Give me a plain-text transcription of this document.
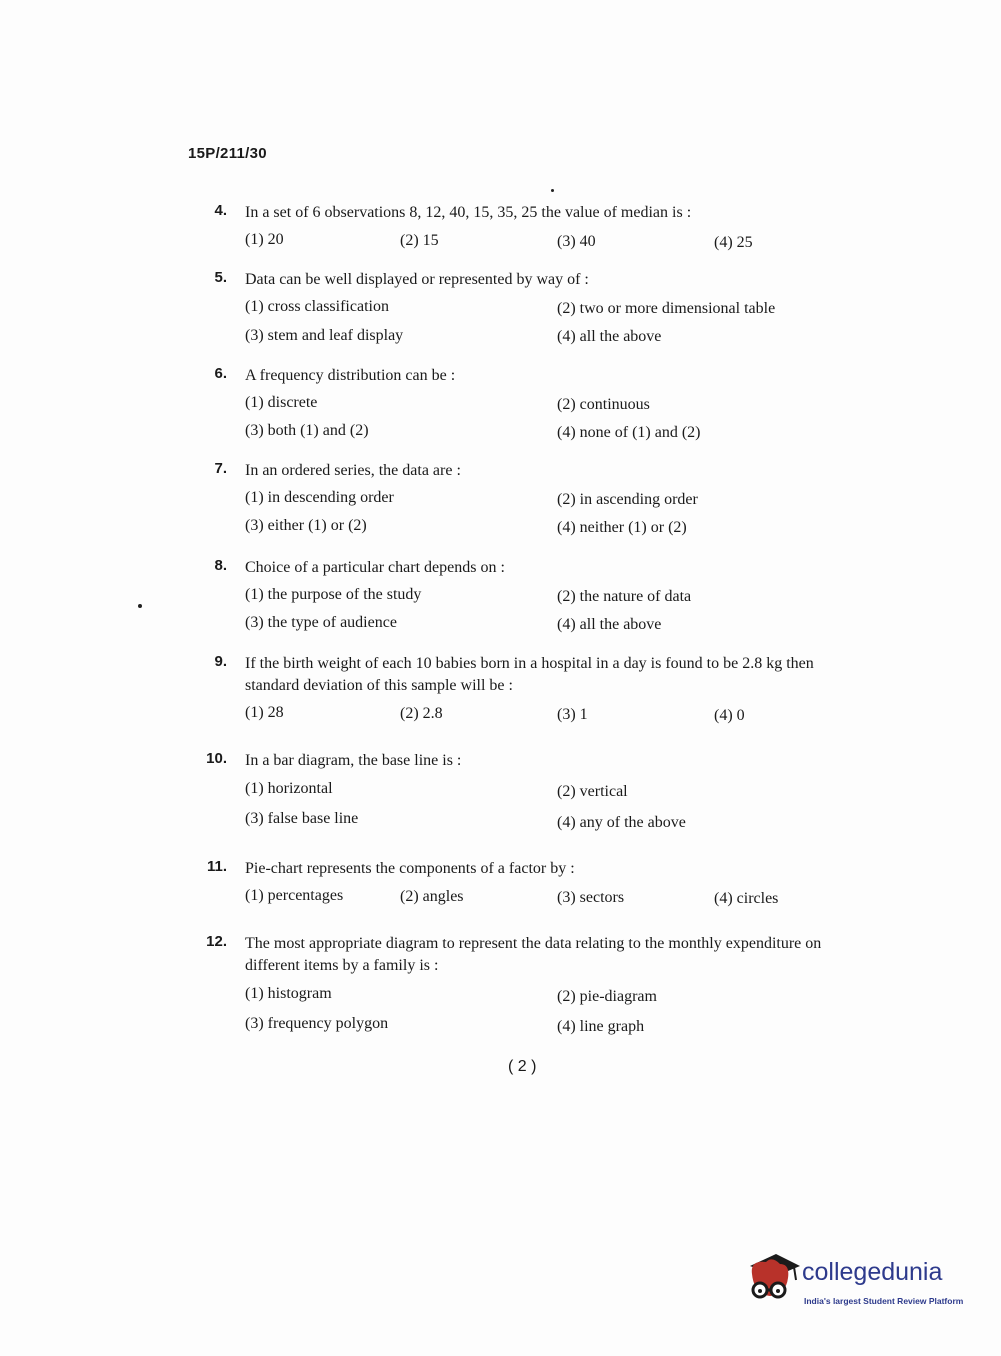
15P/211/30
4. In a set of 6 observations 8, 12, 40, 15, 35, 25 the value of median is :
(1) 20	(2) 15	(3) 40	(4) 25
5. Data can be well displayed or represented by way of :
(1) cross classification	(2) two or more dimensional table
(3) stem and leaf display	(4) all the above
6. A frequency distribution can be :
(1) discrete	(2) continuous
(3) both (1) and (2)	(4) none of (1) and (2)
7. In an ordered series, the data are :
(1) in descending order	(2) in ascending order
(3) either (1) or (2)	(4) neither (1) or (2)
8. Choice of a particular chart depends on :
(1) the purpose of the study	(2) the nature of data
(3) the type of audience	(4) all the above
9. If the birth weight of each 10 babies born in a hospital in a day is found to be 2.8 kg then standard deviation of this sample will be :
(1) 28	(2) 2.8	(3) 1	(4) 0
10. In a bar diagram, the base line is :
(1) horizontal	(2) vertical
(3) false base line	(4) any of the above
11. Pie-chart represents the components of a factor by :
(1) percentages	(2) angles	(3) sectors	(4) circles
12. The most appropriate diagram to represent the data relating to the monthly expenditure on different items by a family is :
(1) histogram	(2) pie-diagram
(3) frequency polygon	(4) line graph
( 2 )
collegedunia
India's largest Student Review Platform
